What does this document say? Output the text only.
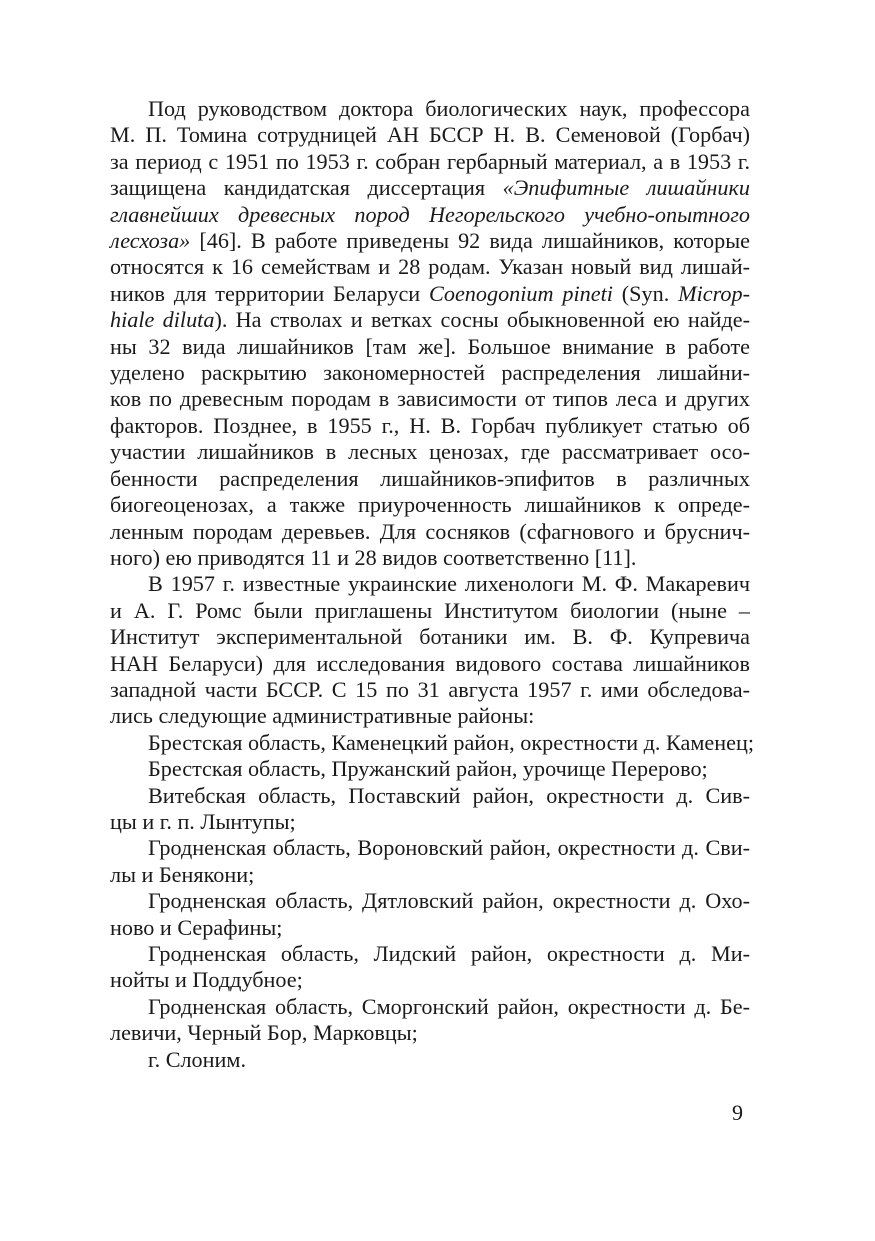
Под руководством доктора биологических наук, профессора
М. П. Томина сотрудницей АН БССР Н. В. Семеновой (Горбач)
за период с 1951 по 1953 г. собран гербарный материал, а в 1953 г.
защищена кандидатская диссертация «Эпифитные лишайники
главнейших древесных пород Негорельского учебно-опытного
лесхоза» [46]. В работе приведены 92 вида лишайников, которые
относятся к 16 семействам и 28 родам. Указан новый вид лишай-
ников для территории Беларуси Coenogonium pineti (Syn. Microp-
hiale diluta). На стволах и ветках сосны обыкновенной ею найде-
ны 32 вида лишайников [там же]. Большое внимание в работе
уделено раскрытию закономерностей распределения лишайни-
ков по древесным породам в зависимости от типов леса и других
факторов. Позднее, в 1955 г., Н. В. Горбач публикует статью об
участии лишайников в лесных ценозах, где рассматривает осо-
бенности распределения лишайников-эпифитов в различных
биогеоценозах, а также приуроченность лишайников к опреде-
ленным породам деревьев. Для сосняков (сфагнового и бруснич-
ного) ею приводятся 11 и 28 видов соответственно [11].
В 1957 г. известные украинские лихенологи М. Ф. Макаревич
и А. Г. Ромс были приглашены Институтом биологии (ныне –
Институт экспериментальной ботаники им. В. Ф. Купревича
НАН Беларуси) для исследования видового состава лишайников
западной части БССР. С 15 по 31 августа 1957 г. ими обследова-
лись следующие административные районы:
Брестская область, Каменецкий район, окрестности д. Каменец;
Брестская область, Пружанский район, урочище Перерово;
Витебская область, Поставский район, окрестности д. Сив-
цы и г. п. Лынтупы;
Гродненская область, Вороновский район, окрестности д. Сви-
лы и Бенякони;
Гродненская область, Дятловский район, окрестности д. Охо-
ново и Серафины;
Гродненская область, Лидский район, окрестности д. Ми-
нойты и Поддубное;
Гродненская область, Сморгонский район, окрестности д. Бе-
левичи, Черный Бор, Марковцы;
г. Слоним.
9
